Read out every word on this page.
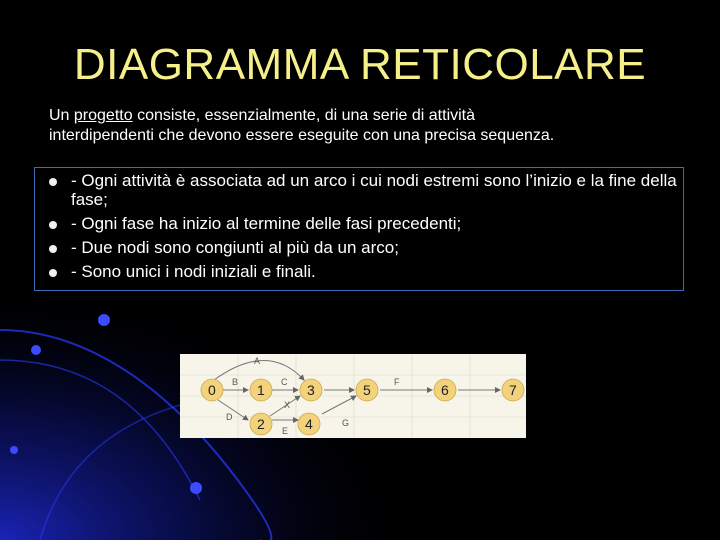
DIAGRAMMA RETICOLARE
Un progetto consiste, essenzialmente, di una serie di attività
interdipendenti che devono essere eseguite con una precisa sequenza.
- Ogni attività è associata ad un arco i cui nodi estremi sono l’inizio e la fine della fase;
- Ogni fase ha inizio al termine delle fasi precedenti;
- Due nodi sono congiunti al più da un arco;
- Sono unici i nodi iniziali e finali.
A
B	C
D
E
X
G
F
0	1	3	5	6	7
2	4
